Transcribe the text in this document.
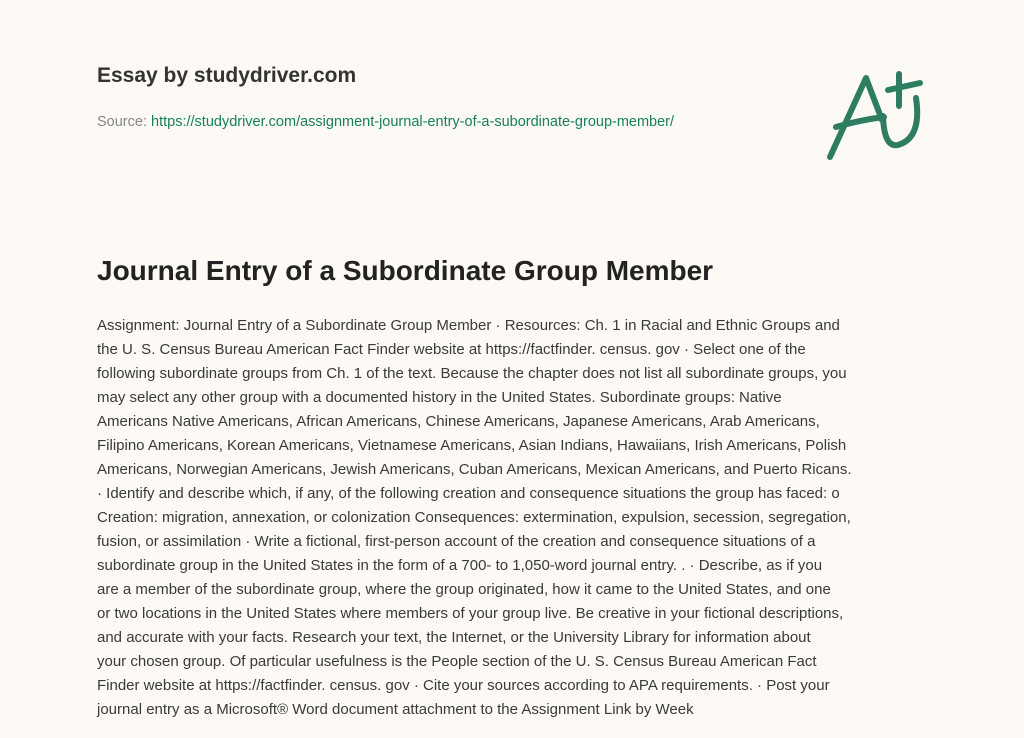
Essay by studydriver.com
Source: https://studydriver.com/assignment-journal-entry-of-a-subordinate-group-member/
Journal Entry of a Subordinate Group Member
Assignment: Journal Entry of a Subordinate Group Member · Resources: Ch. 1 in Racial and Ethnic Groups and
the U. S. Census Bureau American Fact Finder website at https://factfinder. census. gov · Select one of the
following subordinate groups from Ch. 1 of the text. Because the chapter does not list all subordinate groups, you
may select any other group with a documented history in the United States. Subordinate groups: Native
Americans Native Americans, African Americans, Chinese Americans, Japanese Americans, Arab Americans,
Filipino Americans, Korean Americans, Vietnamese Americans, Asian Indians, Hawaiians, Irish Americans, Polish
Americans, Norwegian Americans, Jewish Americans, Cuban Americans, Mexican Americans, and Puerto Ricans.
· Identify and describe which, if any, of the following creation and consequence situations the group has faced: o
Creation: migration, annexation, or colonization Consequences: extermination, expulsion, secession, segregation,
fusion, or assimilation · Write a fictional, first-person account of the creation and consequence situations of a
subordinate group in the United States in the form of a 700- to 1,050-word journal entry. . · Describe, as if you
are a member of the subordinate group, where the group originated, how it came to the United States, and one
or two locations in the United States where members of your group live. Be creative in your fictional descriptions,
and accurate with your facts. Research your text, the Internet, or the University Library for information about
your chosen group. Of particular usefulness is the People section of the U. S. Census Bureau American Fact
Finder website at https://factfinder. census. gov · Cite your sources according to APA requirements. · Post your
journal entry as a Microsoft® Word document attachment to the Assignment Link by Week
